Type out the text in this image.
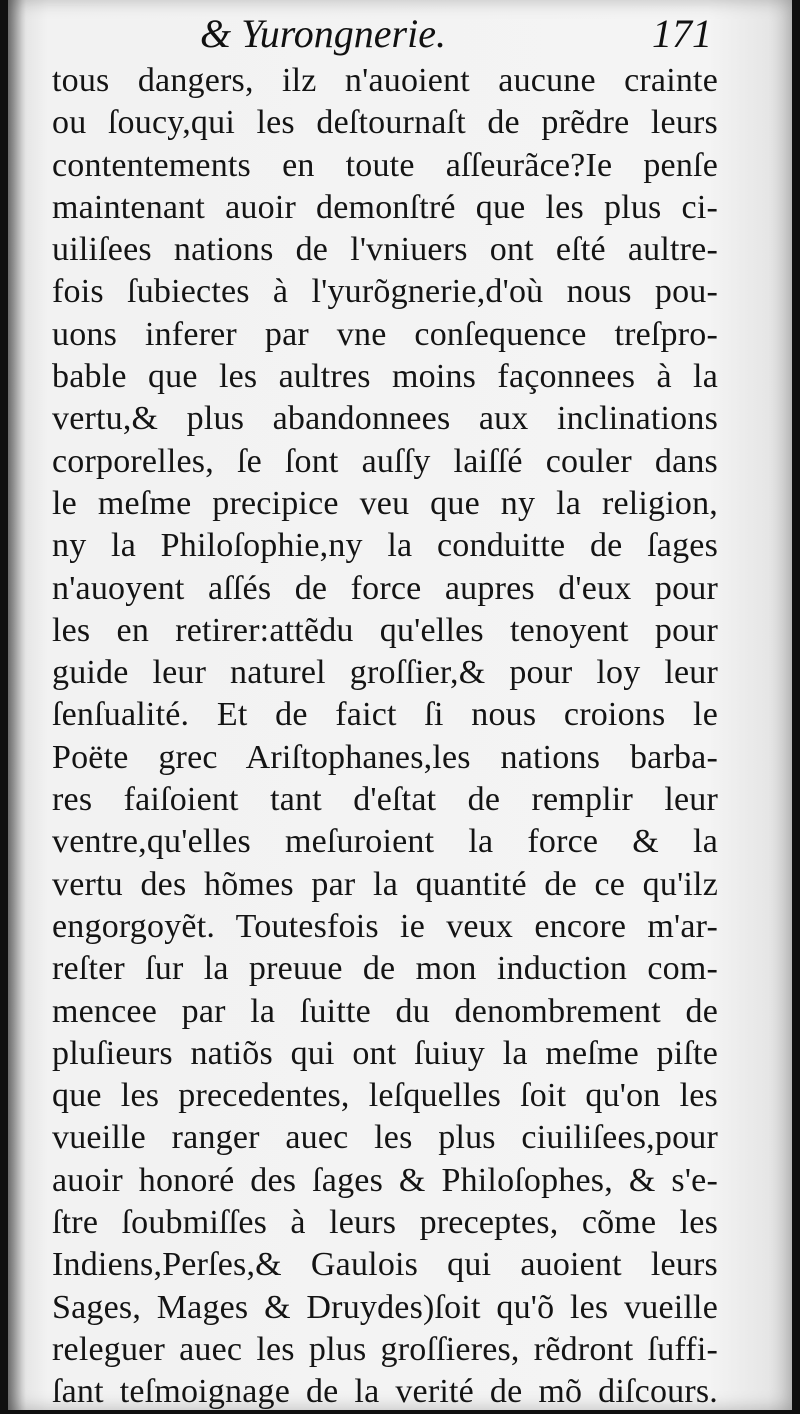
& Yurongnerie.	171
tous dangers, ilz n'auoient aucune crainte
ou ſoucy,qui les deſtournaſt de prẽdre leurs
contentements en toute aſſeurãce?Ie penſe
maintenant auoir demonſtré que les plus ci-
uiliſees nations de l'vniuers ont eſté aultre-
fois ſubiectes à l'yurõgnerie,d'où nous pou-
uons inferer par vne conſequence treſpro-
bable que les aultres moins façonnees à la
vertu,& plus abandonnees aux inclinations
corporelles, ſe ſont auſſy laiſſé couler dans
le meſme precipice veu que ny la religion,
ny la Philoſophie,ny la conduitte de ſages
n'auoyent aſſés de force aupres d'eux pour
les en retirer:attẽdu qu'elles tenoyent pour
guide leur naturel groſſier,& pour loy leur
ſenſualité. Et de faict ſi nous croions le
Poëte grec Ariſtophanes,les nations barba-
res faiſoient tant d'eſtat de remplir leur
ventre,qu'elles meſuroient la force & la
vertu des hõmes par la quantité de ce qu'ilz
engorgoyẽt. Toutesfois ie veux encore m'ar-
reſter ſur la preuue de mon induction com-
mencee par la ſuitte du denombrement de
pluſieurs natiõs qui ont ſuiuy la meſme piſte
que les precedentes, leſquelles ſoit qu'on les
vueille ranger auec les plus ciuiliſees,pour
auoir honoré des ſages & Philoſophes, & s'e-
ſtre ſoubmiſſes à leurs preceptes, cõme les
Indiens,Perſes,& Gaulois qui auoient leurs
Sages, Mages & Druydes)ſoit qu'õ les vueille
releguer auec les plus groſſieres, rẽdront ſuffi-
ſant teſmoignage de la verité de mõ diſcours.
